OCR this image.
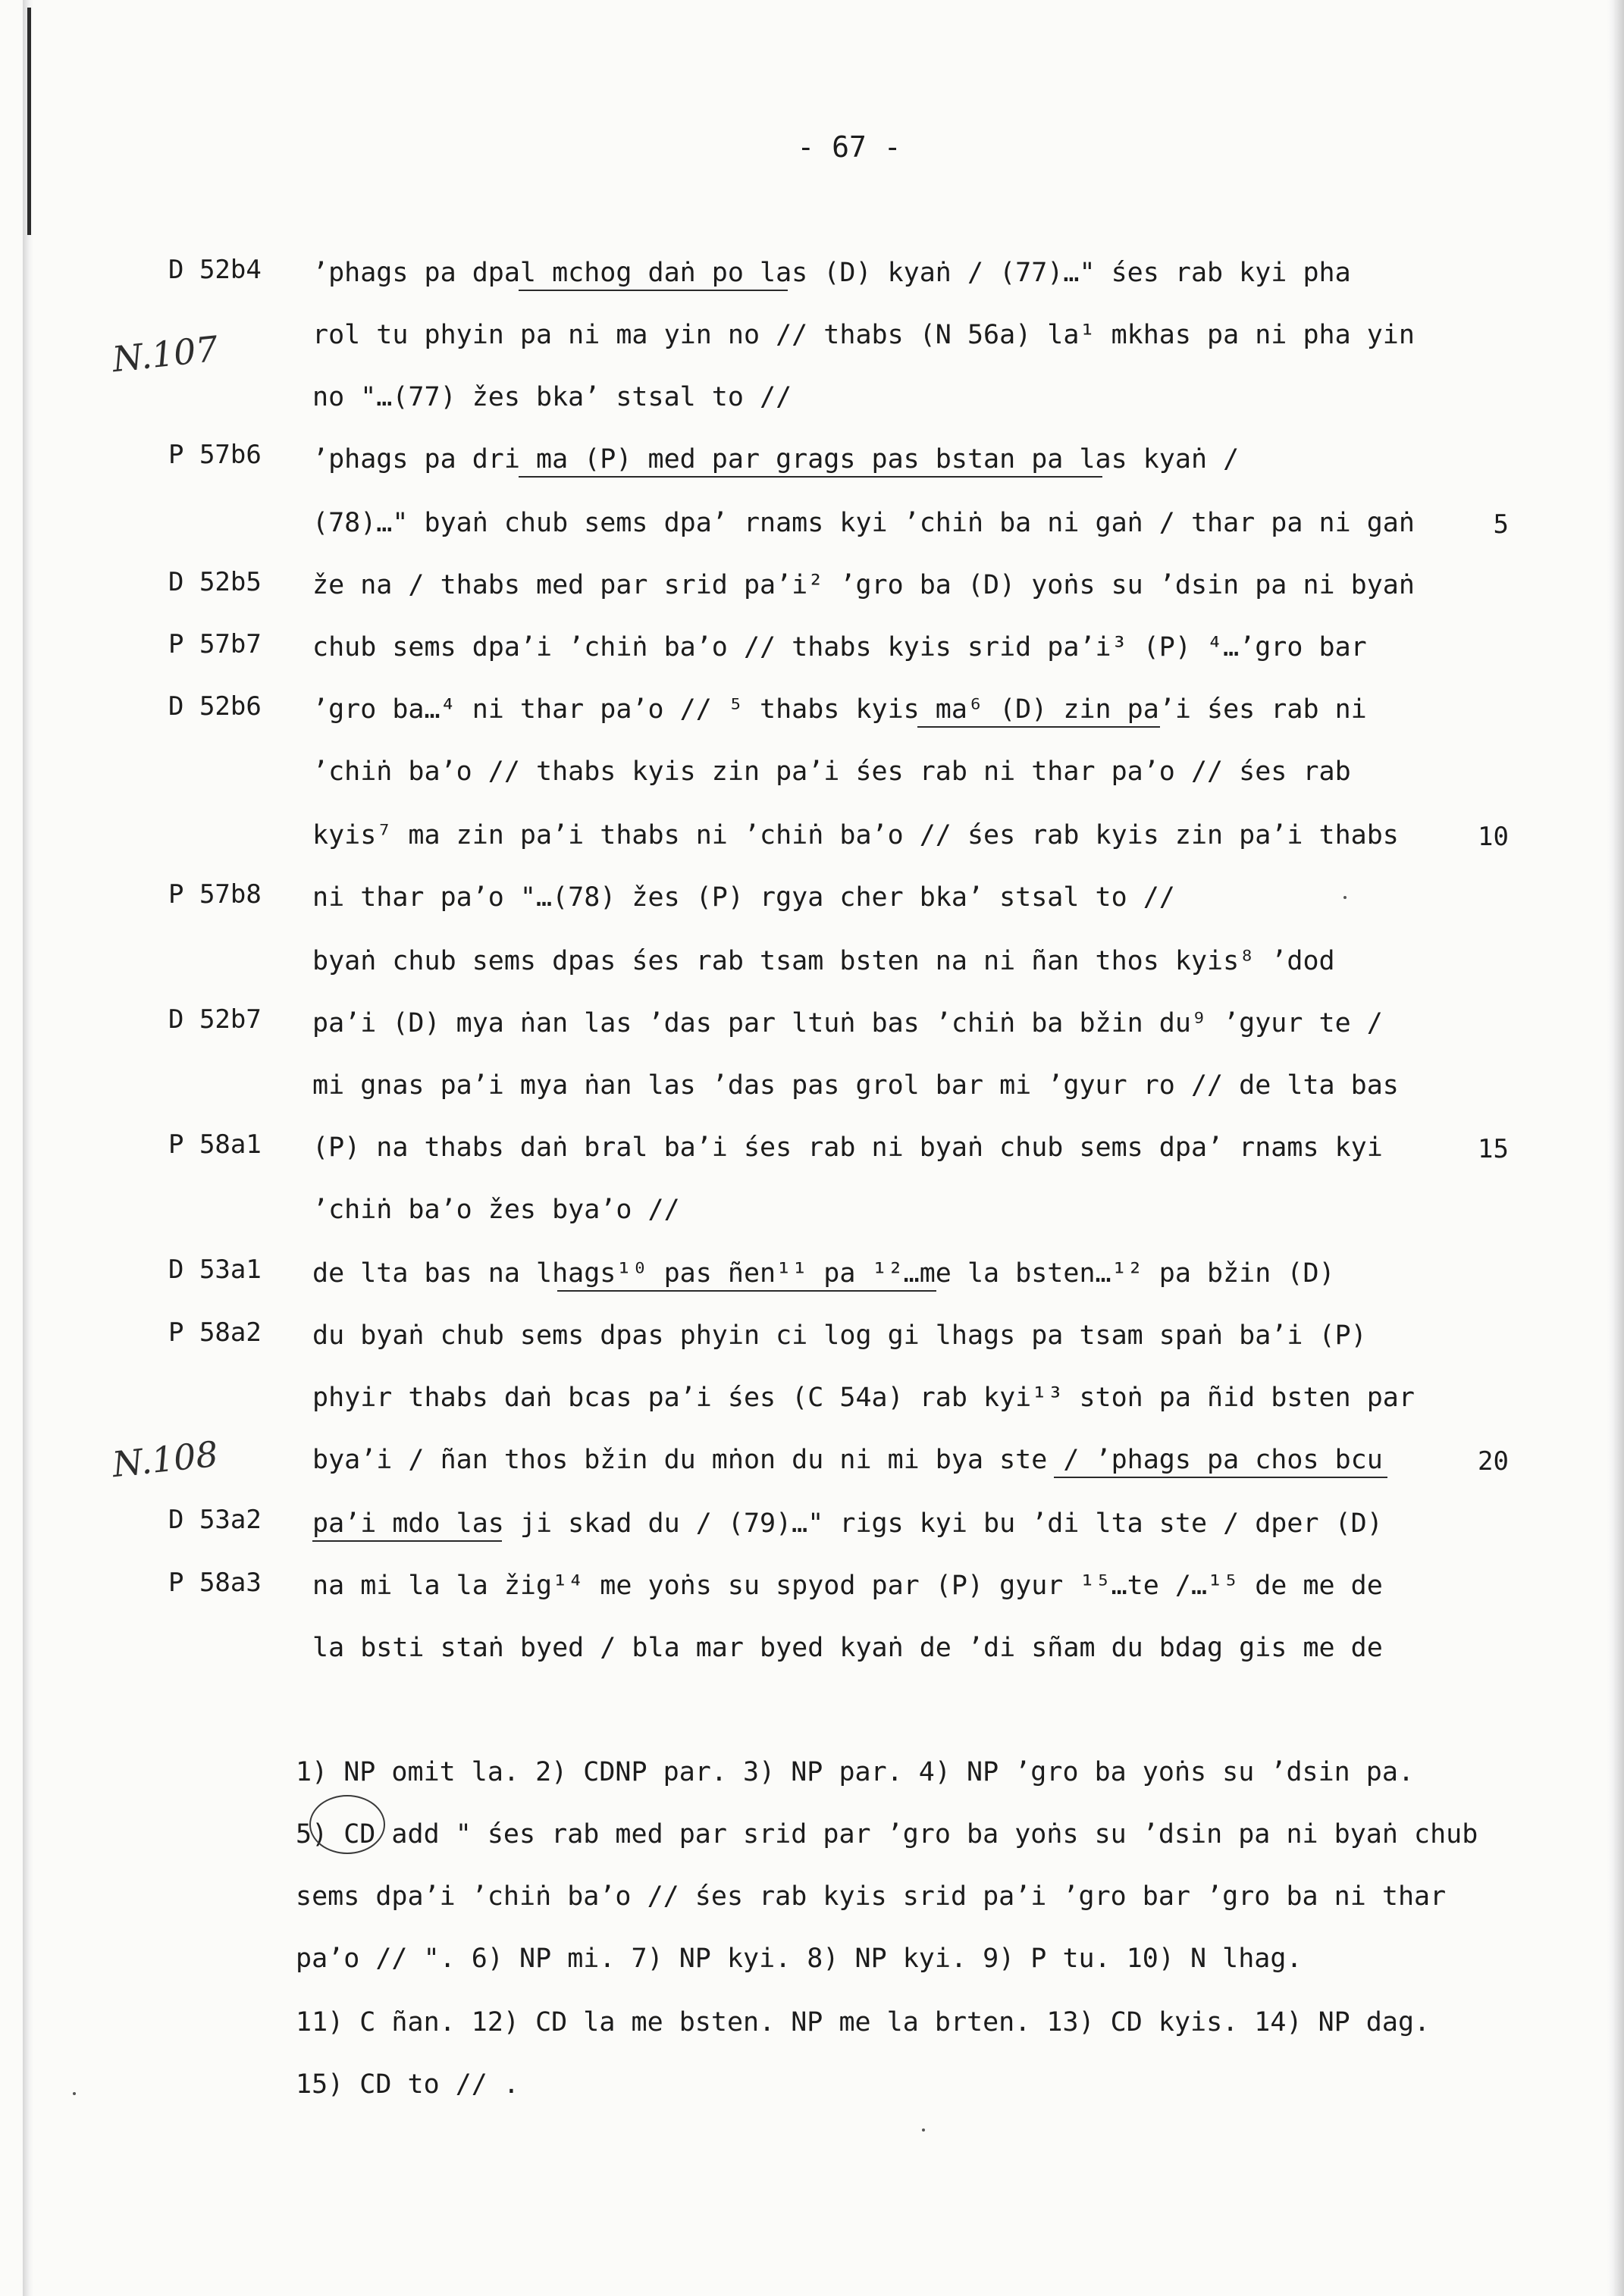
- 67 -
N.107
N.108
D 52b4
P 57b6
D 52b5
P 57b7
D 52b6
P 57b8
D 52b7
P 58a1
D 53a1
P 58a2
D 53a2
P 58a3
’phags pa dpal mchog daṅ po las (D) kyaṅ / (77)…" śes rab kyi pha
rol tu phyin pa ni ma yin no // thabs (N 56a) la¹ mkhas pa ni pha yin
no "…(77) žes bka’ stsal to //
’phags pa dri ma (P) med par grags pas bstan pa las kyaṅ /
(78)…" byaṅ chub sems dpa’ rnams kyi ’chiṅ ba ni gaṅ / thar pa ni gaṅ
že na / thabs med par srid pa’i² ’gro ba (D) yoṅs su ’dsin pa ni byaṅ
chub sems dpa’i ’chiṅ ba’o // thabs kyis srid pa’i³ (P) ⁴…’gro bar
’gro ba…⁴ ni thar pa’o // ⁵ thabs kyis ma⁶ (D) zin pa’i śes rab ni
’chiṅ ba’o // thabs kyis zin pa’i śes rab ni thar pa’o // śes rab
kyis⁷ ma zin pa’i thabs ni ’chiṅ ba’o // śes rab kyis zin pa’i thabs
ni thar pa’o "…(78) žes (P) rgya cher bka’ stsal to //
byaṅ chub sems dpas śes rab tsam bsten na ni ñan thos kyis⁸ ’dod
pa’i (D) mya ṅan las ’das par ltuṅ bas ’chiṅ ba bžin du⁹ ’gyur te /
mi gnas pa’i mya ṅan las ’das pas grol bar mi ’gyur ro // de lta bas
(P) na thabs daṅ bral ba’i śes rab ni byaṅ chub sems dpa’ rnams kyi
’chiṅ ba’o žes bya’o //
de lta bas na lhags¹⁰ pas ñen¹¹ pa ¹²…me la bsten…¹² pa bžin (D)
du byaṅ chub sems dpas phyin ci log gi lhags pa tsam spaṅ ba’i (P)
phyir thabs daṅ bcas pa’i śes (C 54a) rab kyi¹³ stoṅ pa ñid bsten par
bya’i / ñan thos bžin du mṅon du ni mi bya ste / ’phags pa chos bcu
pa’i mdo las ji skad du / (79)…" rigs kyi bu ’di lta ste / dper (D)
na mi la la žig¹⁴ me yoṅs su spyod par (P) gyur ¹⁵…te /…¹⁵ de me de
la bsti staṅ byed / bla mar byed kyaṅ de ’di sñam du bdag gis me de
5
10
15
20
1) NP omit la. 2) CDNP par. 3) NP par. 4) NP ’gro ba yoṅs su ’dsin pa.
5) CD add " śes rab med par srid par ’gro ba yoṅs su ’dsin pa ni byaṅ chub
sems dpa’i ’chiṅ ba’o // śes rab kyis srid pa’i ’gro bar ’gro ba ni thar
pa’o // ". 6) NP mi. 7) NP kyi. 8) NP kyi. 9) P tu. 10) N lhag.
11) C ñan. 12) CD la me bsten. NP me la brten. 13) CD kyis. 14) NP dag.
15) CD to // .
